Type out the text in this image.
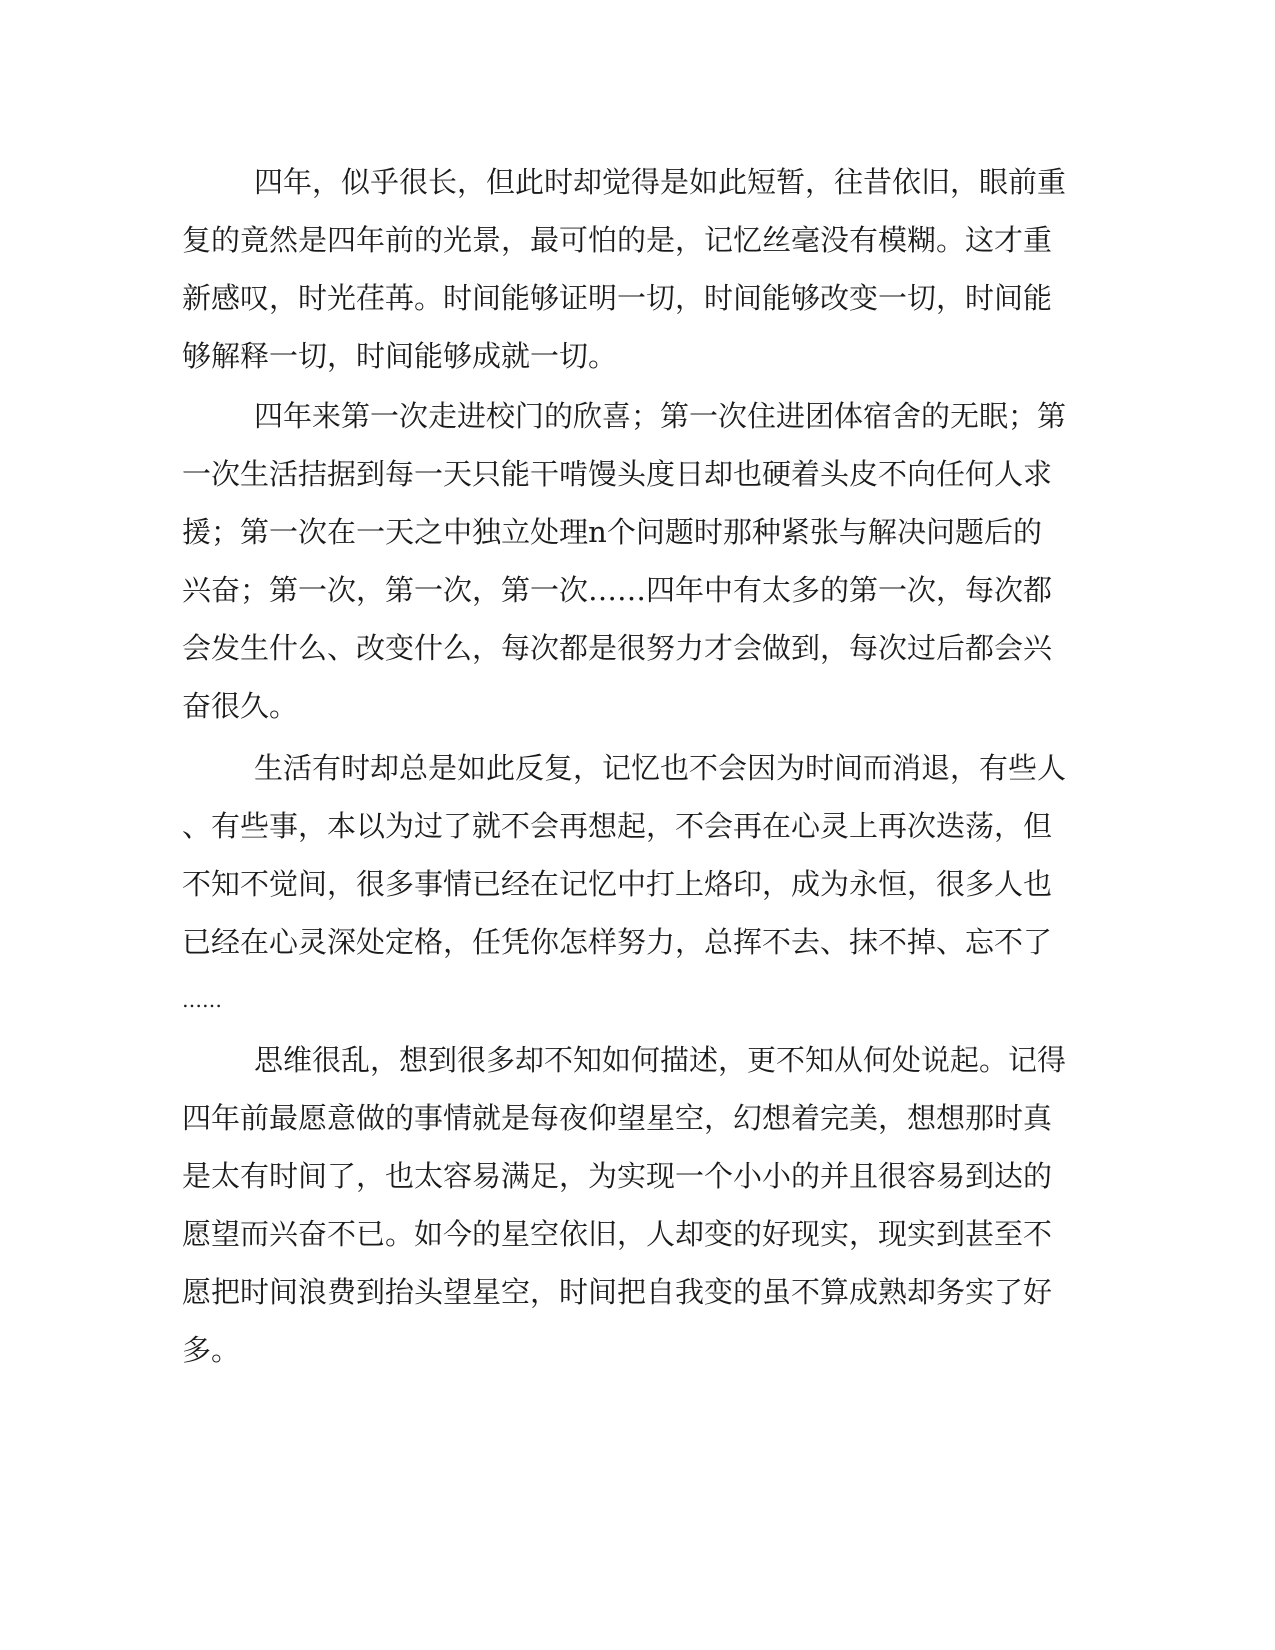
四年，似乎很长，但此时却觉得是如此短暂，往昔依旧，眼前重
复的竟然是四年前的光景，最可怕的是，记忆丝毫没有模糊。这才重
新感叹，时光荏苒。时间能够证明一切，时间能够改变一切，时间能
够解释一切，时间能够成就一切。
四年来第一次走进校门的欣喜；第一次住进团体宿舍的无眠；第
一次生活拮据到每一天只能干啃馒头度日却也硬着头皮不向任何人求
援；第一次在一天之中独立处理n个问题时那种紧张与解决问题后的
兴奋；第一次，第一次，第一次……四年中有太多的第一次，每次都
会发生什么、改变什么，每次都是很努力才会做到，每次过后都会兴
奋很久。
生活有时却总是如此反复，记忆也不会因为时间而消退，有些人
、有些事，本以为过了就不会再想起，不会再在心灵上再次迭荡，但
不知不觉间，很多事情已经在记忆中打上烙印，成为永恒，很多人也
已经在心灵深处定格，任凭你怎样努力，总挥不去、抹不掉、忘不了
……
思维很乱，想到很多却不知如何描述，更不知从何处说起。记得
四年前最愿意做的事情就是每夜仰望星空，幻想着完美，想想那时真
是太有时间了，也太容易满足，为实现一个小小的并且很容易到达的
愿望而兴奋不已。如今的星空依旧，人却变的好现实，现实到甚至不
愿把时间浪费到抬头望星空，时间把自我变的虽不算成熟却务实了好
多。
